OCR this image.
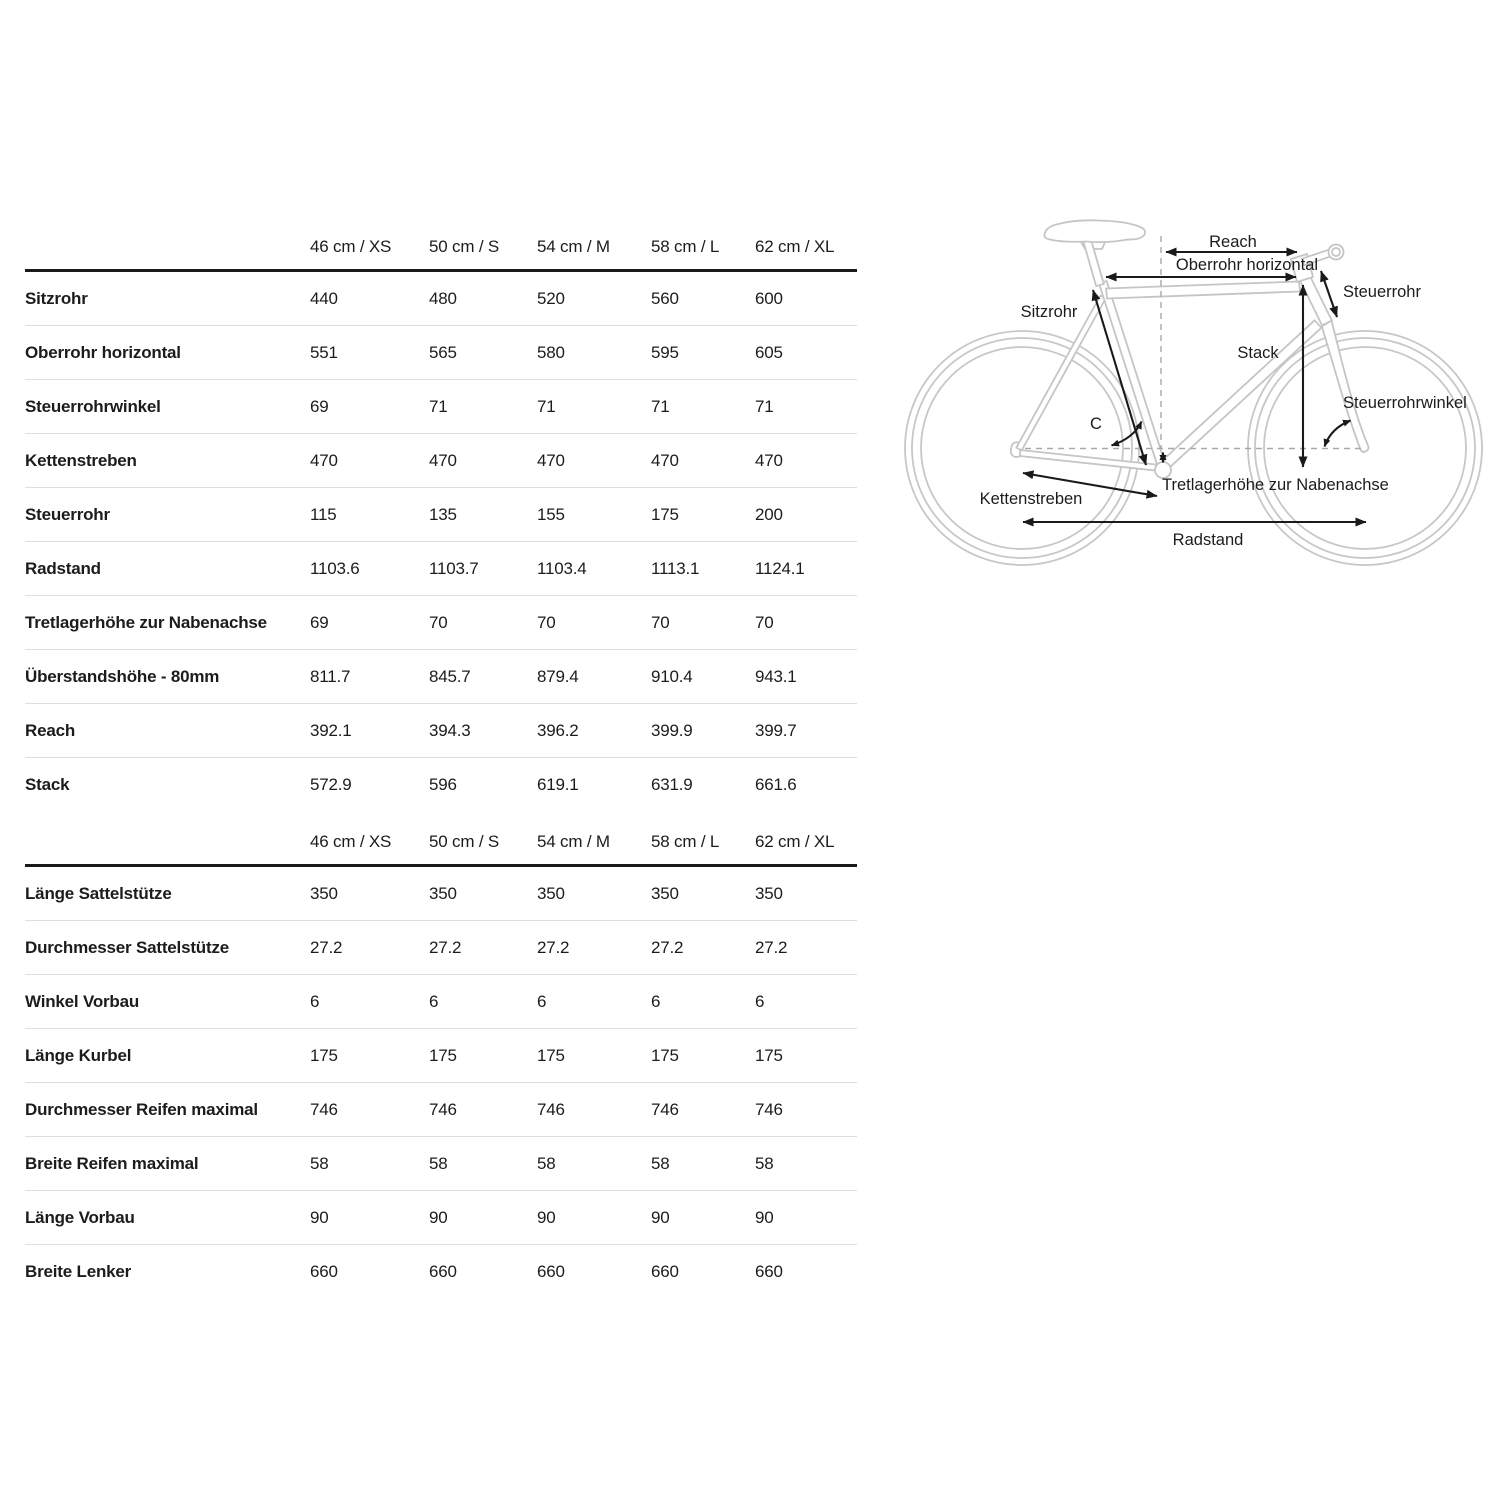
46 cm / XS	50 cm / S	54 cm / M	58 cm / L	62 cm / XL
Sitzrohr	440	480	520	560	600
Oberrohr horizontal	551	565	580	595	605
Steuerrohrwinkel	69	71	71	71	71
Kettenstreben	470	470	470	470	470
Steuerrohr	115	135	155	175	200
Radstand	1103.6	1103.7	1103.4	1113.1	1124.1
Tretlagerhöhe zur Nabenachse	69	70	70	70	70
Überstandshöhe - 80mm	811.7	845.7	879.4	910.4	943.1
Reach	392.1	394.3	396.2	399.9	399.7
Stack	572.9	596	619.1	631.9	661.6
46 cm / XS	50 cm / S	54 cm / M	58 cm / L	62 cm / XL
Länge Sattelstütze	350	350	350	350	350
Durchmesser Sattelstütze	27.2	27.2	27.2	27.2	27.2
Winkel Vorbau	6	6	6	6	6
Länge Kurbel	175	175	175	175	175
Durchmesser Reifen maximal	746	746	746	746	746
Breite Reifen maximal	58	58	58	58	58
Länge Vorbau	90	90	90	90	90
Breite Lenker	660	660	660	660	660
Reach
Oberrohr horizontal
Steuerrohr
Sitzrohr
Stack
Steuerrohrwinkel
C
Tretlagerhöhe zur Nabenachse
Kettenstreben
Radstand
